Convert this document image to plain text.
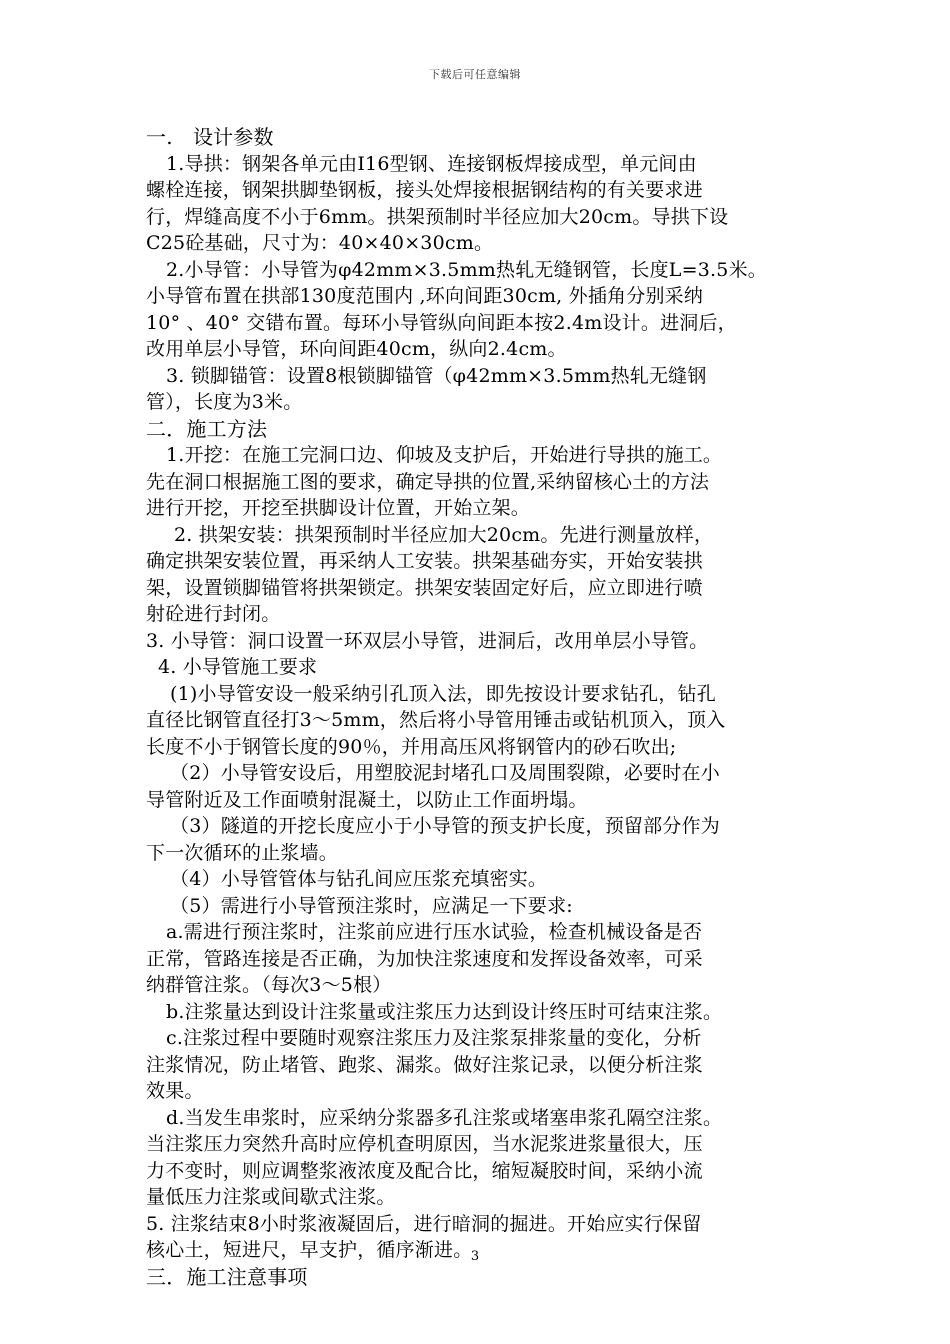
下载后可任意编辑
一.　设计参数
1.导拱：钢架各单元由Ⅰ16型钢、连接钢板焊接成型，单元间由
螺栓连接，钢架拱脚垫钢板，接头处焊接根据钢结构的有关要求进
行，焊缝高度不小于6mm。拱架预制时半径应加大20cm。导拱下设
C25砼基础，尺寸为：40×40×30cm。
2.小导管：小导管为φ42mm×3.5mm热轧无缝钢管，长度L=3.5米。
小导管布置在拱部130度范围内 ,环向间距30cm, 外插角分别采纳
10° 、40° 交错布置。每环小导管纵向间距本按2.4m设计。进洞后，
改用单层小导管，环向间距40cm，纵向2.4cm。
3. 锁脚锚管：设置8根锁脚锚管（φ42mm×3.5mm热轧无缝钢
管），长度为3米。
二．施工方法
1.开挖：在施工完洞口边、仰坡及支护后，开始进行导拱的施工。
先在洞口根据施工图的要求，确定导拱的位置,采纳留核心土的方法
进行开挖，开挖至拱脚设计位置，开始立架。
2. 拱架安装：拱架预制时半径应加大20cm。先进行测量放样，
确定拱架安装位置，再采纳人工安装。拱架基础夯实，开始安装拱
架，设置锁脚锚管将拱架锁定。拱架安装固定好后，应立即进行喷
射砼进行封闭。
3. 小导管：洞口设置一环双层小导管，进洞后，改用单层小导管。
4. 小导管施工要求
(1)小导管安设一般采纳引孔顶入法，即先按设计要求钻孔，钻孔
直径比钢管直径打3～5mm，然后将小导管用锤击或钻机顶入，顶入
长度不小于钢管长度的90％，并用高压风将钢管内的砂石吹出;
（2）小导管安设后，用塑胶泥封堵孔口及周围裂隙，必要时在小
导管附近及工作面喷射混凝土，以防止工作面坍塌。
（3）隧道的开挖长度应小于小导管的预支护长度，预留部分作为
下一次循环的止浆墙。
（4）小导管管体与钻孔间应压浆充填密实。
（5）需进行小导管预注浆时，应满足一下要求:
a.需进行预注浆时，注浆前应进行压水试验，检查机械设备是否
正常，管路连接是否正确，为加快注浆速度和发挥设备效率，可采
纳群管注浆。（每次3～5根）
b.注浆量达到设计注浆量或注浆压力达到设计终压时可结束注浆。
c.注浆过程中要随时观察注浆压力及注浆泵排浆量的变化，分析
注浆情况，防止堵管、跑浆、漏浆。做好注浆记录，以便分析注浆
效果。
d.当发生串浆时，应采纳分浆器多孔注浆或堵塞串浆孔隔空注浆。
当注浆压力突然升高时应停机查明原因，当水泥浆进浆量很大，压
力不变时，则应调整浆液浓度及配合比，缩短凝胶时间，采纳小流
量低压力注浆或间歇式注浆。
5. 注浆结束8小时浆液凝固后，进行暗洞的掘进。开始应实行保留
核心土，短进尺，早支护，循序渐进。
三．施工注意事项
3
